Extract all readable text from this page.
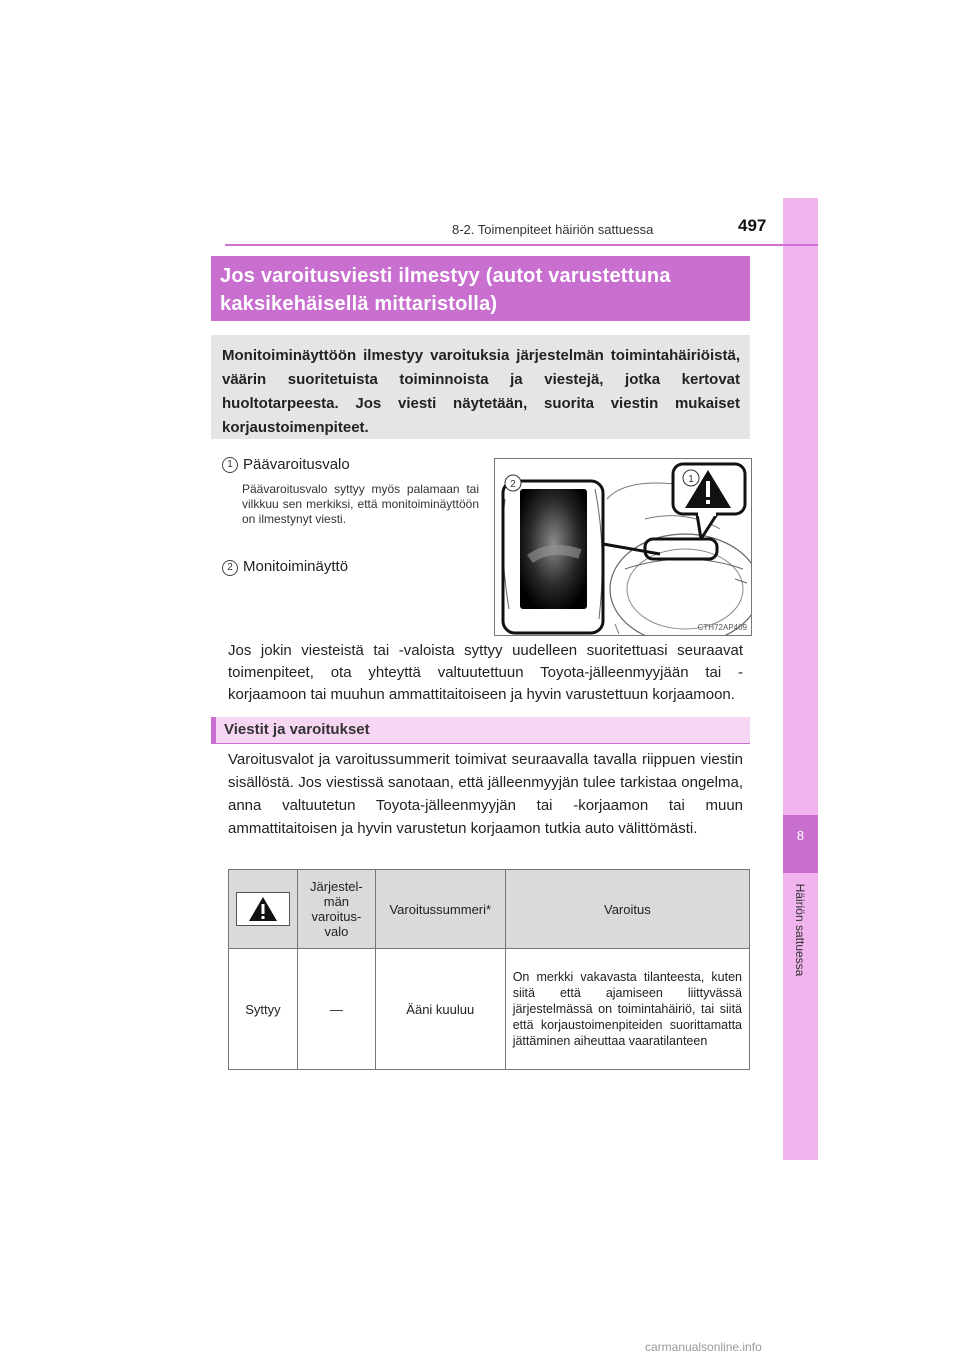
8
Häiriön sattuessa
8-2. Toimenpiteet häiriön sattuessa	497
Jos varoitusviesti ilmestyy (autot varustettuna kaksikehäisellä mittaristolla)
Monitoiminäyttöön ilmestyy varoituksia järjestelmän toimintahäiriöistä, väärin suoritetuista toiminnoista ja viestejä, jotka kertovat huoltotarpeesta. Jos viesti näytetään, suorita viestin mukaiset korjaustoimenpiteet.
1 Päävaroitusvalo
Päävaroitusvalo syttyy myös palamaan tai vilkkuu sen merkiksi, että monitoiminäyttöön on ilmestynyt viesti.
2 Monitoiminäyttö
1
2
CTH72AP409
Jos jokin viesteistä tai -valoista syttyy uudelleen suoritettuasi seuraavat toimenpiteet, ota yhteyttä valtuutettuun Toyota-jälleenmyyjään tai -korjaamoon tai muuhun ammattitaitoiseen ja hyvin varustettuun korjaamoon.
Viestit ja varoitukset
Varoitusvalot ja varoitussummerit toimivat seuraavalla tavalla riippuen viestin sisällöstä. Jos viestissä sanotaan, että jälleenmyyjän tulee tarkistaa ongelma, anna valtuutetun Toyota-jälleenmyyjän tai -korjaamon tai muun ammattitaitoisen ja hyvin varustetun korjaamon tutkia auto välittömästi.
	Järjestel-män varoitus-valo	Varoitussummeri*	Varoitus
Syttyy	—	Ääni kuuluu	On merkki vakavasta tilanteesta, kuten siitä että ajamiseen liittyvässä järjestelmässä on toimintahäiriö, tai siitä että korjaustoimenpiteiden suorittamatta jättäminen aiheuttaa vaaratilanteen
carmanualsonline.info
